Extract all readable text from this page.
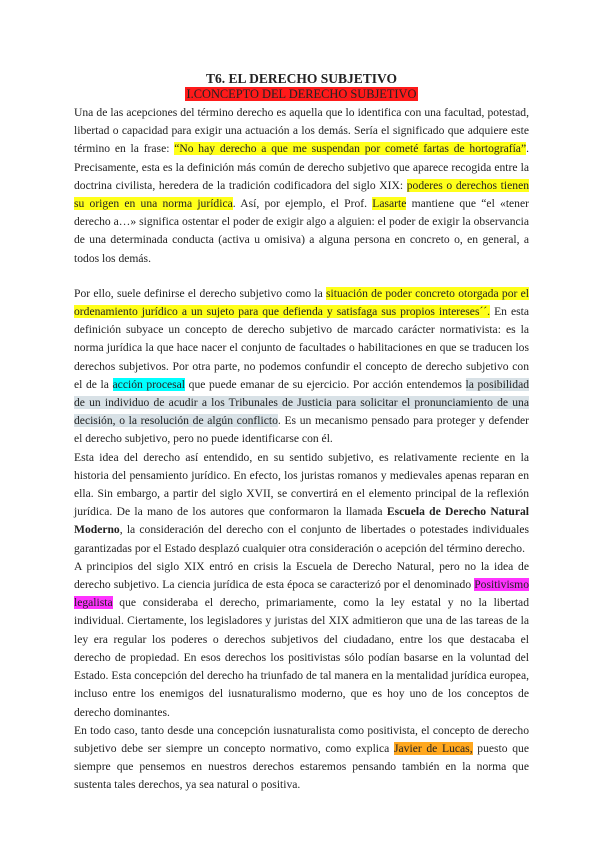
T6. EL DERECHO SUBJETIVO
I.CONCEPTO DEL DERECHO SUBJETIVO

Una de las acepciones del término derecho es aquella que lo identifica con una facultad, potestad, libertad o capacidad para exigir una actuación a los demás. Sería el significado que adquiere este término en la frase: “No hay derecho a que me suspendan por cometé fartas de hortografía”. Precisamente, esta es la definición más común de derecho subjetivo que aparece recogida entre la doctrina civilista, heredera de la tradición codificadora del siglo XIX: poderes o derechos tienen su origen en una norma jurídica. Así, por ejemplo, el Prof. Lasarte mantiene que “el «tener derecho a…» significa ostentar el poder de exigir algo a alguien: el poder de exigir la observancia de una determinada conducta (activa u omisiva) a alguna persona en concreto o, en general, a todos los demás.

Por ello, suele definirse el derecho subjetivo como la situación de poder concreto otorgada por el ordenamiento jurídico a un sujeto para que defienda y satisfaga sus propios intereses´´. En esta definición subyace un concepto de derecho subjetivo de marcado carácter normativista: es la norma jurídica la que hace nacer el conjunto de facultades o habilitaciones en que se traducen los derechos subjetivos. Por otra parte, no podemos confundir el concepto de derecho subjetivo con el de la acción procesal que puede emanar de su ejercicio. Por acción entendemos la posibilidad de un individuo de acudir a los Tribunales de Justicia para solicitar el pronunciamiento de una decisión, o la resolución de algún conflicto. Es un mecanismo pensado para proteger y defender el derecho subjetivo, pero no puede identificarse con él.

Esta idea del derecho así entendido, en su sentido subjetivo, es relativamente reciente en la historia del pensamiento jurídico. En efecto, los juristas romanos y medievales apenas reparan en ella. Sin embargo, a partir del siglo XVII, se convertirá en el elemento principal de la reflexión jurídica. De la mano de los autores que conformaron la llamada Escuela de Derecho Natural Moderno, la consideración del derecho con el conjunto de libertades o potestades individuales garantizadas por el Estado desplazó cualquier otra consideración o acepción del término derecho.

A principios del siglo XIX entró en crisis la Escuela de Derecho Natural, pero no la idea de derecho subjetivo. La ciencia jurídica de esta época se caracterizó por el denominado Positivismo legalista que consideraba el derecho, primariamente, como la ley estatal y no la libertad individual. Ciertamente, los legisladores y juristas del XIX admitieron que una de las tareas de la ley era regular los poderes o derechos subjetivos del ciudadano, entre los que destacaba el derecho de propiedad. En esos derechos los positivistas sólo podían basarse en la voluntad del Estado. Esta concepción del derecho ha triunfado de tal manera en la mentalidad jurídica europea, incluso entre los enemigos del iusnaturalismo moderno, que es hoy uno de los conceptos de derecho dominantes.

En todo caso, tanto desde una concepción iusnaturalista como positivista, el concepto de derecho subjetivo debe ser siempre un concepto normativo, como explica Javier de Lucas, puesto que siempre que pensemos en nuestros derechos estaremos pensando también en la norma que sustenta tales derechos, ya sea natural o positiva.
